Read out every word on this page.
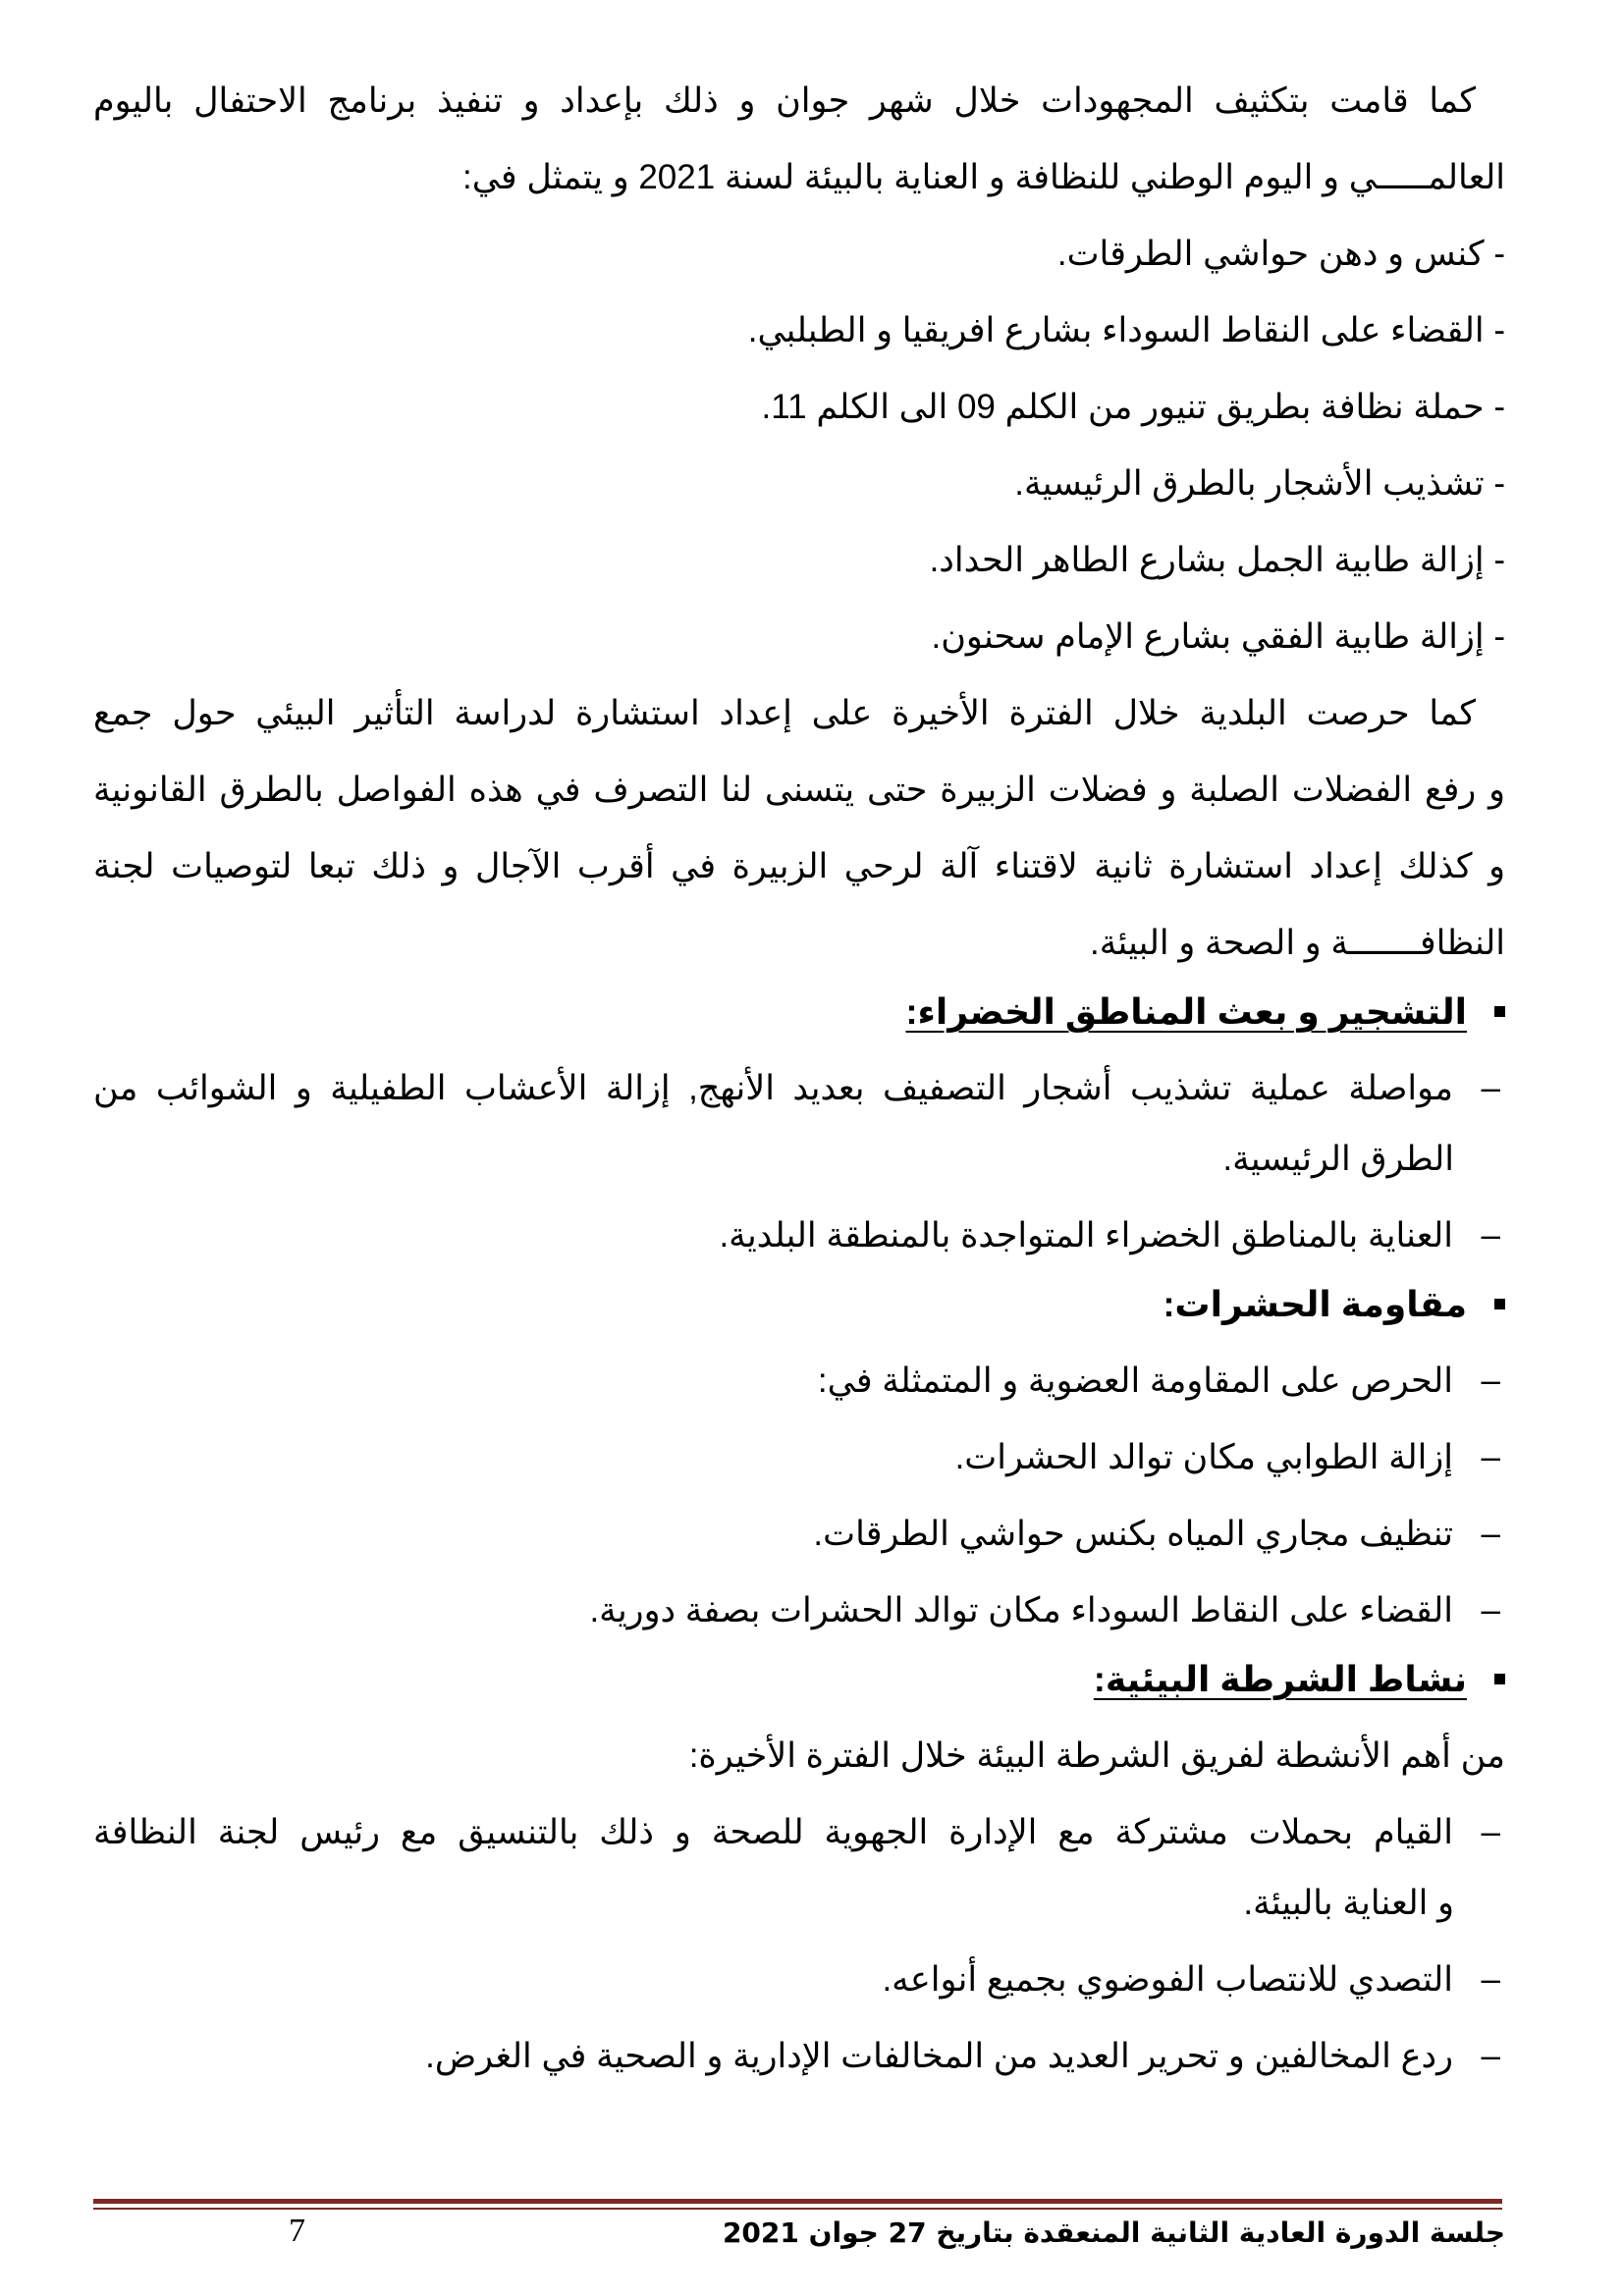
كما قامت بتكثيف المجهودات خلال شهر جوان و ذلك بإعداد و تنفيذ برنامج الاحتفال باليوم
العالمـــــي و اليوم الوطني للنظافة و العناية بالبيئة لسنة 2021 و يتمثل في:
- كنس و دهن حواشي الطرقات.
- القضاء على النقاط السوداء بشارع افريقيا و الطبلبي.
- حملة نظافة بطريق تنيور من الكلم 09 الى الكلم 11.
- تشذيب الأشجار بالطرق الرئيسية.
- إزالة طابية الجمل بشارع الطاهر الحداد.
- إزالة طابية الفقي بشارع الإمام سحنون.
كما حرصت البلدية خلال الفترة الأخيرة على إعداد استشارة لدراسة التأثير البيئي حول جمع
و رفع الفضلات الصلبة و فضلات الزبيرة حتى يتسنى لنا التصرف في هذه الفواصل بالطرق القانونية
و كذلك إعداد استشارة ثانية لاقتناء آلة لرحي الزبيرة في أقرب الآجال و ذلك تبعا لتوصيات لجنة
النظافـــــــة و الصحة و البيئة.
التشجير و بعث المناطق الخضراء:
–مواصلة عملية تشذيب أشجار التصفيف بعديد الأنهج, إزالة الأعشاب الطفيلية و الشوائب من
الطرق الرئيسية.
–العناية بالمناطق الخضراء المتواجدة بالمنطقة البلدية.
مقاومة الحشرات:
–الحرص على المقاومة العضوية و المتمثلة في:
–إزالة الطوابي مكان توالد الحشرات.
–تنظيف مجاري المياه بكنس حواشي الطرقات.
–القضاء على النقاط السوداء مكان توالد الحشرات بصفة دورية.
نشاط الشرطة البيئية:
من أهم الأنشطة لفريق الشرطة البيئة خلال الفترة الأخيرة:
–القيام بحملات مشتركة مع الإدارة الجهوية للصحة و ذلك بالتنسيق مع رئيس لجنة النظافة
و العناية بالبيئة.
–التصدي للانتصاب الفوضوي بجميع أنواعه.
–ردع المخالفين و تحرير العديد من المخالفات الإدارية و الصحية في الغرض.
جلسة الدورة العادية الثانية المنعقدة بتاريخ 27 جوان 2021
7
